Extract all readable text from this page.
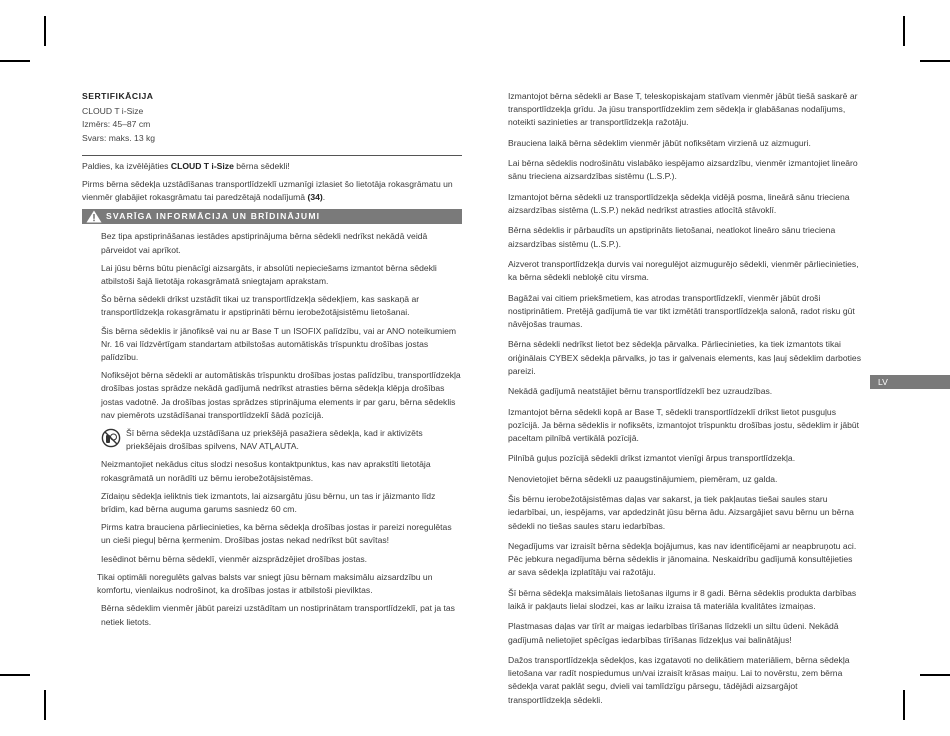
SERTIFIKĀCIJA
CLOUD T i-Size
Izmērs: 45–87 cm
Svars: maks. 13 kg

Paldies, ka izvēlējāties CLOUD T i-Size bērna sēdekli!

Pirms bērna sēdekļa uzstādīšanas transportlīdzeklī uzmanīgi izlasiet šo lietotāja rokasgrāmatu un vienmēr glabājiet rokasgrāmatu tai paredzētajā nodalījumā (34).

SVARĪGA INFORMĀCIJA UN BRĪDINĀJUMI

Bez tipa apstiprināšanas iestādes apstiprinājuma bērna sēdekli nedrīkst nekādā veidā pārveidot vai aprīkot.

Lai jūsu bērns būtu pienācīgi aizsargāts, ir absolūti nepieciešams izmantot bērna sēdekli atbilstoši šajā lietotāja rokasgrāmatā sniegtajam aprakstam.

Šo bērna sēdekli drīkst uzstādīt tikai uz transportlīdzekļa sēdekļiem, kas saskaņā ar transportlīdzekļa rokasgrāmatu ir apstiprināti bērnu ierobežotājsistēmu lietošanai.

Šis bērna sēdeklis ir jānofiksē vai nu ar Base T un ISOFIX palīdzību, vai ar ANO noteikumiem Nr. 16 vai līdzvērtīgam standartam atbilstošas automātiskās trīspunktu drošības jostas palīdzību.

Nofiksējot bērna sēdekli ar automātiskās trīspunktu drošības jostas palīdzību, transportlīdzekļa drošības jostas sprādze nekādā gadījumā nedrīkst atrasties bērna sēdekļa klēpja drošības jostas vadotnē. Ja drošības jostas sprādzes stiprinājuma elements ir par garu, bērna sēdeklis nav piemērots uzstādīšanai transportlīdzeklī šādā pozīcijā.

Šī bērna sēdekļa uzstādīšana uz priekšējā pasažiera sēdekļa, kad ir aktivizēts priekšējais drošības spilvens, NAV ATĻAUTA.

Neizmantojiet nekādus citus slodzi nesošus kontaktpunktus, kas nav aprakstīti lietotāja rokasgrāmatā un norādīti uz bērnu ierobežotājsistēmas.

Zīdaiņu sēdekļa ieliktnis tiek izmantots, lai aizsargātu jūsu bērnu, un tas ir jāizmanto līdz brīdim, kad bērna auguma garums sasniedz 60 cm.

Pirms katra brauciena pārliecinieties, ka bērna sēdekļa drošības jostas ir pareizi noregulētas un cieši pieguļ bērna ķermenim. Drošības jostas nekad nedrīkst būt savītas!

Iesēdinot bērnu bērna sēdeklī, vienmēr aizsprādzējiet drošības jostas.

Tikai optimāli noregulēts galvas balsts var sniegt jūsu bērnam maksimālu aizsardzību un komfortu, vienlaikus nodrošinot, ka drošības jostas ir atbilstoši pievilktas.

Bērna sēdeklim vienmēr jābūt pareizi uzstādītam un nostiprinātam transportlīdzeklī, pat ja tas netiek lietots.

Izmantojot bērna sēdekli ar Base T, teleskopiskajam statīvam vienmēr jābūt tiešā saskarē ar transportlīdzekļa grīdu. Ja jūsu transportlīdzeklim zem sēdekļa ir glabāšanas nodalījums, noteikti sazinieties ar transportlīdzekļa ražotāju.

Brauciena laikā bērna sēdeklim vienmēr jābūt nofiksētam virzienā uz aizmuguri.

Lai bērna sēdeklis nodrošinātu vislabāko iespējamo aizsardzību, vienmēr izmantojiet lineāro sānu trieciena aizsardzības sistēmu (L.S.P.).

Izmantojot bērna sēdekli uz transportlīdzekļa sēdekļa vidējā posma, lineārā sānu trieciena aizsardzības sistēma (L.S.P.) nekād nedrīkst atrasties atlocītā stāvoklī.

Bērna sēdeklis ir pārbaudīts un apstiprināts lietošanai, neatlokot lineāro sānu trieciena aizsardzības sistēmu (L.S.P.).

Aizverot transportlīdzekļa durvis vai noregulējot aizmugurējo sēdekli, vienmēr pārliecinieties, ka bērna sēdekli nebloķē citu virsma.

Bagāžai vai citiem priekšmetiem, kas atrodas transportlīdzeklī, vienmēr jābūt droši nostiprinātiem. Pretējā gadījumā tie var tikt izmētāti transportlīdzekļa salonā, radot risku gūt nāvējošas traumas.

Bērna sēdekli nedrīkst lietot bez sēdekļa pārvalka. Pārliecinieties, ka tiek izmantots tikai oriģinālais CYBEX sēdekļa pārvalks, jo tas ir galvenais elements, kas ļauj sēdeklim darboties pareizi.

Nekādā gadījumā neatstājiet bērnu transportlīdzeklī bez uzraudzības.

Izmantojot bērna sēdekli kopā ar Base T, sēdekli transportlīdzeklī drīkst lietot pusguļus pozīcijā. Ja bērna sēdeklis ir nofiksēts, izmantojot trīspunktu drošības jostu, sēdeklim ir jābūt paceltam pilnībā vertikālā pozīcijā.

Pilnībā guļus pozīcijā sēdekli drīkst izmantot vienīgi ārpus transportlīdzekļa.

Nenovietojiet bērna sēdekli uz paaugstinājumiem, piemēram, uz galda.

Šis bērnu ierobežotājsistēmas daļas var sakarst, ja tiek pakļautas tiešai saules staru iedarbībai, un, iespējams, var apdedzināt jūsu bērna ādu. Aizsargājiet savu bērnu un bērna sēdekli no tiešas saules staru iedarbības.

Negadījums var izraisīt bērna sēdekļa bojājumus, kas nav identificējami ar neapbruņotu aci. Pēc jebkura negadījuma bērna sēdeklis ir jānomaina. Neskaidrību gadījumā konsultējieties ar sava sēdekļa izplatītāju vai ražotāju.

Šī bērna sēdekļa maksimālais lietošanas ilgums ir 8 gadi. Bērna sēdeklis produkta darbības laikā ir pakļauts lielai slodzei, kas ar laiku izraisa tā materiāla kvalitātes izmaiņas.

Plastmasas daļas var tīrīt ar maigas iedarbības tīrīšanas līdzekli un siltu ūdeni. Nekādā gadījumā nelietojiet spēcīgas iedarbības tīrīšanas līdzekļus vai balinātājus!

Dažos transportlīdzekļa sēdekļos, kas izgatavoti no delikātiem materiāliem, bērna sēdekļa lietošana var radīt nospiedumus un/vai izraisīt krāsas maiņu. Lai to novērstu, zem bērna sēdekļa varat paklāt segu, dvieli vai tamlīdzīgu pārsegu, tādējādi aizsargājot transportlīdzekļa sēdekli.

LV
